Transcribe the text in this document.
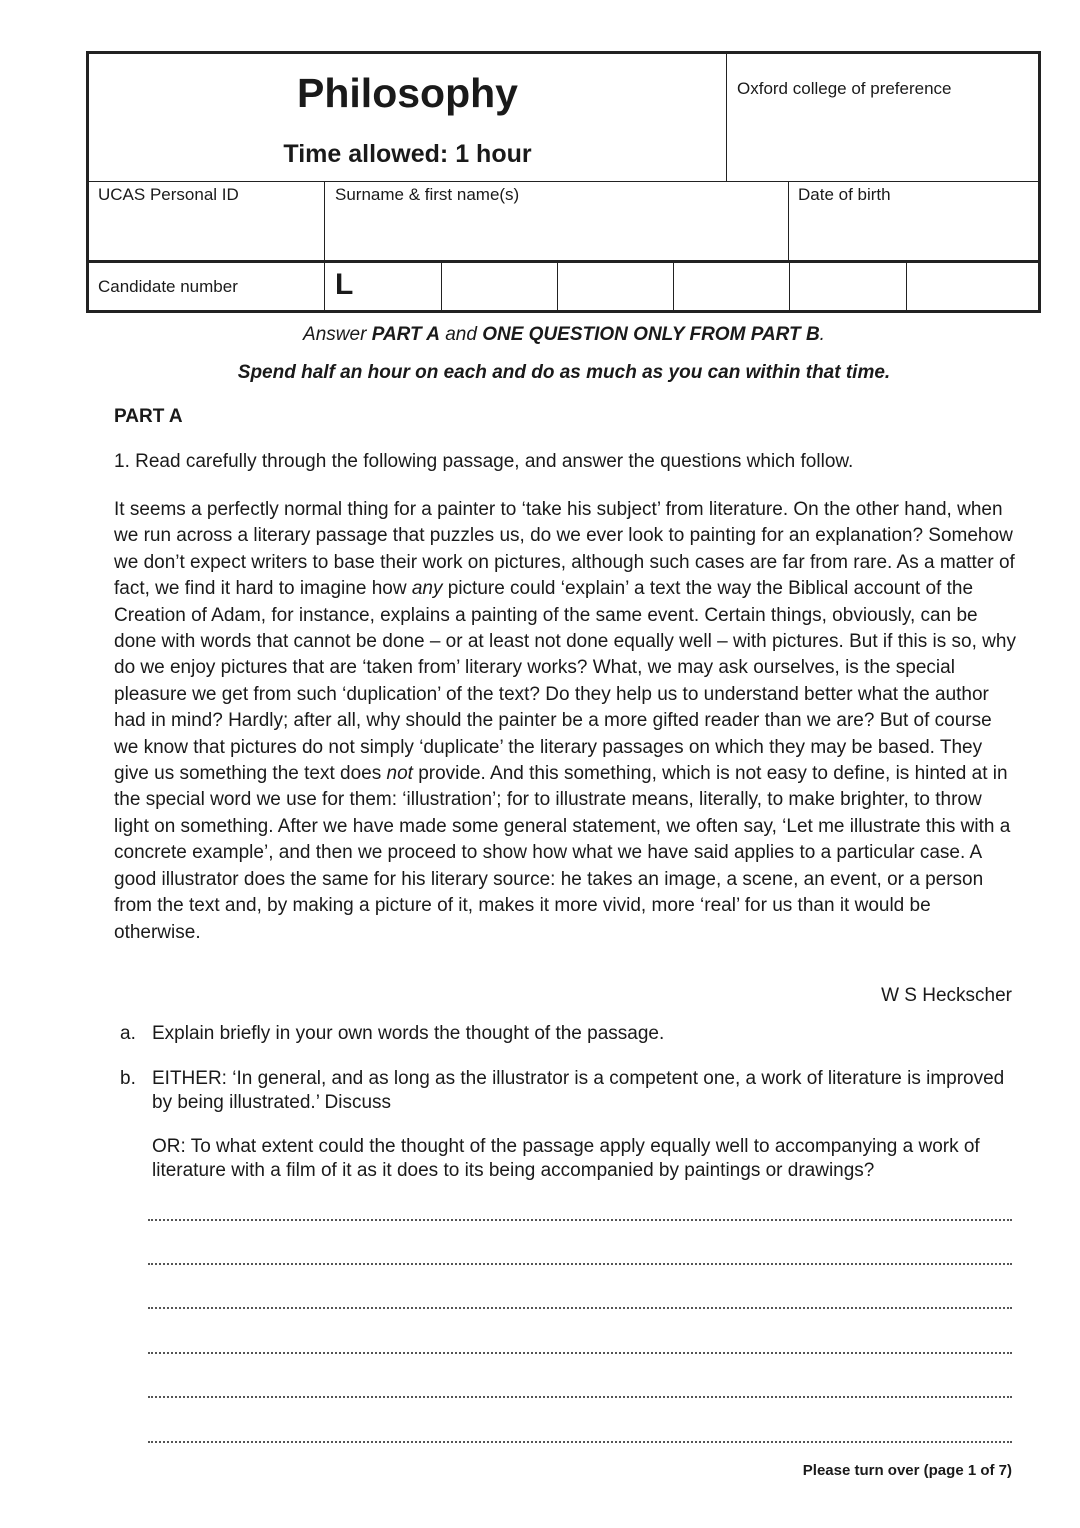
Philosophy
Time allowed: 1 hour
Oxford college of preference
UCAS Personal ID	Surname & first name(s)	Date of birth
Candidate number	L
Answer PART A and ONE QUESTION ONLY FROM PART B.
Spend half an hour on each and do as much as you can within that time.
PART A
1. Read carefully through the following passage, and answer the questions which follow.

It seems a perfectly normal thing for a painter to ‘take his subject’ from literature. On the other hand, when we run across a literary passage that puzzles us, do we ever look to painting for an explanation? Somehow we don’t expect writers to base their work on pictures, although such cases are far from rare. As a matter of fact, we find it hard to imagine how any picture could ‘explain’ a text the way the Biblical account of the Creation of Adam, for instance, explains a painting of the same event. Certain things, obviously, can be done with words that cannot be done – or at least not done equally well – with pictures. But if this is so, why do we enjoy pictures that are ‘taken from’ literary works? What, we may ask ourselves, is the special pleasure we get from such ‘duplication’ of the text? Do they help us to understand better what the author had in mind? Hardly; after all, why should the painter be a more gifted reader than we are? But of course we know that pictures do not simply ‘duplicate’ the literary passages on which they may be based. They give us something the text does not provide. And this something, which is not easy to define, is hinted at in the special word we use for them: ‘illustration’; for to illustrate means, literally, to make brighter, to throw light on something. After we have made some general statement, we often say, ‘Let me illustrate this with a concrete example’, and then we proceed to show how what we have said applies to a particular case. A good illustrator does the same for his literary source: he takes an image, a scene, an event, or a person from the text and, by making a picture of it, makes it more vivid, more ‘real’ for us than it would be otherwise.

W S Heckscher
a. Explain briefly in your own words the thought of the passage.
b. EITHER: ‘In general, and as long as the illustrator is a competent one, a work of literature is improved by being illustrated.’ Discuss
OR: To what extent could the thought of the passage apply equally well to accompanying a work of literature with a film of it as it does to its being accompanied by paintings or drawings?
Please turn over (page 1 of 7)
